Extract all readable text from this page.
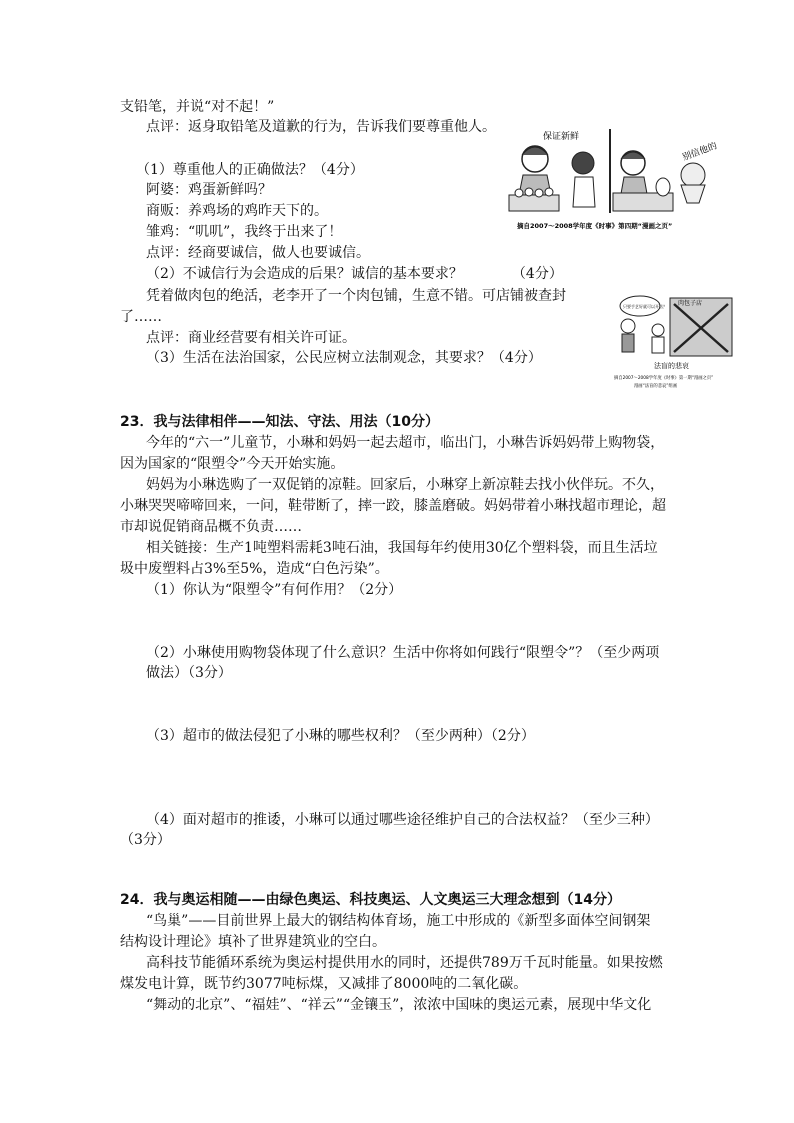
支铅笔，并说“对不起！”
点评：返身取铅笔及道歉的行为，告诉我们要尊重他人。
（1）尊重他人的正确做法？（4分）
阿婆：鸡蛋新鲜吗？
商贩：养鸡场的鸡昨天下的。
雏鸡：“叽叽”，我终于出来了！
点评：经商要诚信，做人也要诚信。
（2）不诚信行为会造成的后果？诚信的基本要求？　　　　（4分）
凭着做肉包的绝活，老李开了一个肉包铺，生意不错。可店铺被查封
了……
点评：商业经营要有相关许可证。
（3）生活在法治国家，公民应树立法制观念，其要求？（4分）
23．我与法律相伴——知法、守法、用法（10分）
今年的“六一”儿童节，小琳和妈妈一起去超市，临出门，小琳告诉妈妈带上购物袋，
因为国家的“限塑令”今天开始实施。
妈妈为小琳选购了一双促销的凉鞋。回家后，小琳穿上新凉鞋去找小伙伴玩。不久，
小琳哭哭啼啼回来，一问，鞋带断了，摔一跤，膝盖磨破。妈妈带着小琳找超市理论，超
市却说促销商品概不负责……
相关链接：生产1吨塑料需耗3吨石油，我国每年约使用30亿个塑料袋，而且生活垃
圾中废塑料占3%至5%，造成“白色污染”。
（1）你认为“限塑令”有何作用？（2分）
（2）小琳使用购物袋体现了什么意识？生活中你将如何践行“限塑令”？（至少两项
做法）（3分）
（3）超市的做法侵犯了小琳的哪些权利？（至少两种）（2分）
（4）面对超市的推诿，小琳可以通过哪些途径维护自己的合法权益？（至少三种）
（3分）
24．我与奥运相随——由绿色奥运、科技奥运、人文奥运三大理念想到（14分）
“鸟巢”——目前世界上最大的钢结构体育场，施工中形成的《新型多面体空间钢架
结构设计理论》填补了世界建筑业的空白。
高科技节能循环系统为奥运村提供用水的同时，还提供789万千瓦时能量。如果按燃
煤发电计算，既节约3077吨标煤，又减排了8000吨的二氧化碳。
“舞动的北京”、“福娃”、“祥云”“金镶玉”，浓浓中国味的奥运元素，展现中华文化
保证新鲜
别信他的
摘自2007～2008学年度《时事》第四期“漫画之页”
肉包子店
只要手艺好就可以开店？
法盲的悲哀
摘自2007～2008学年度《时事》第一期“漫画之页”
漫画“法盲的悲哀”组画
